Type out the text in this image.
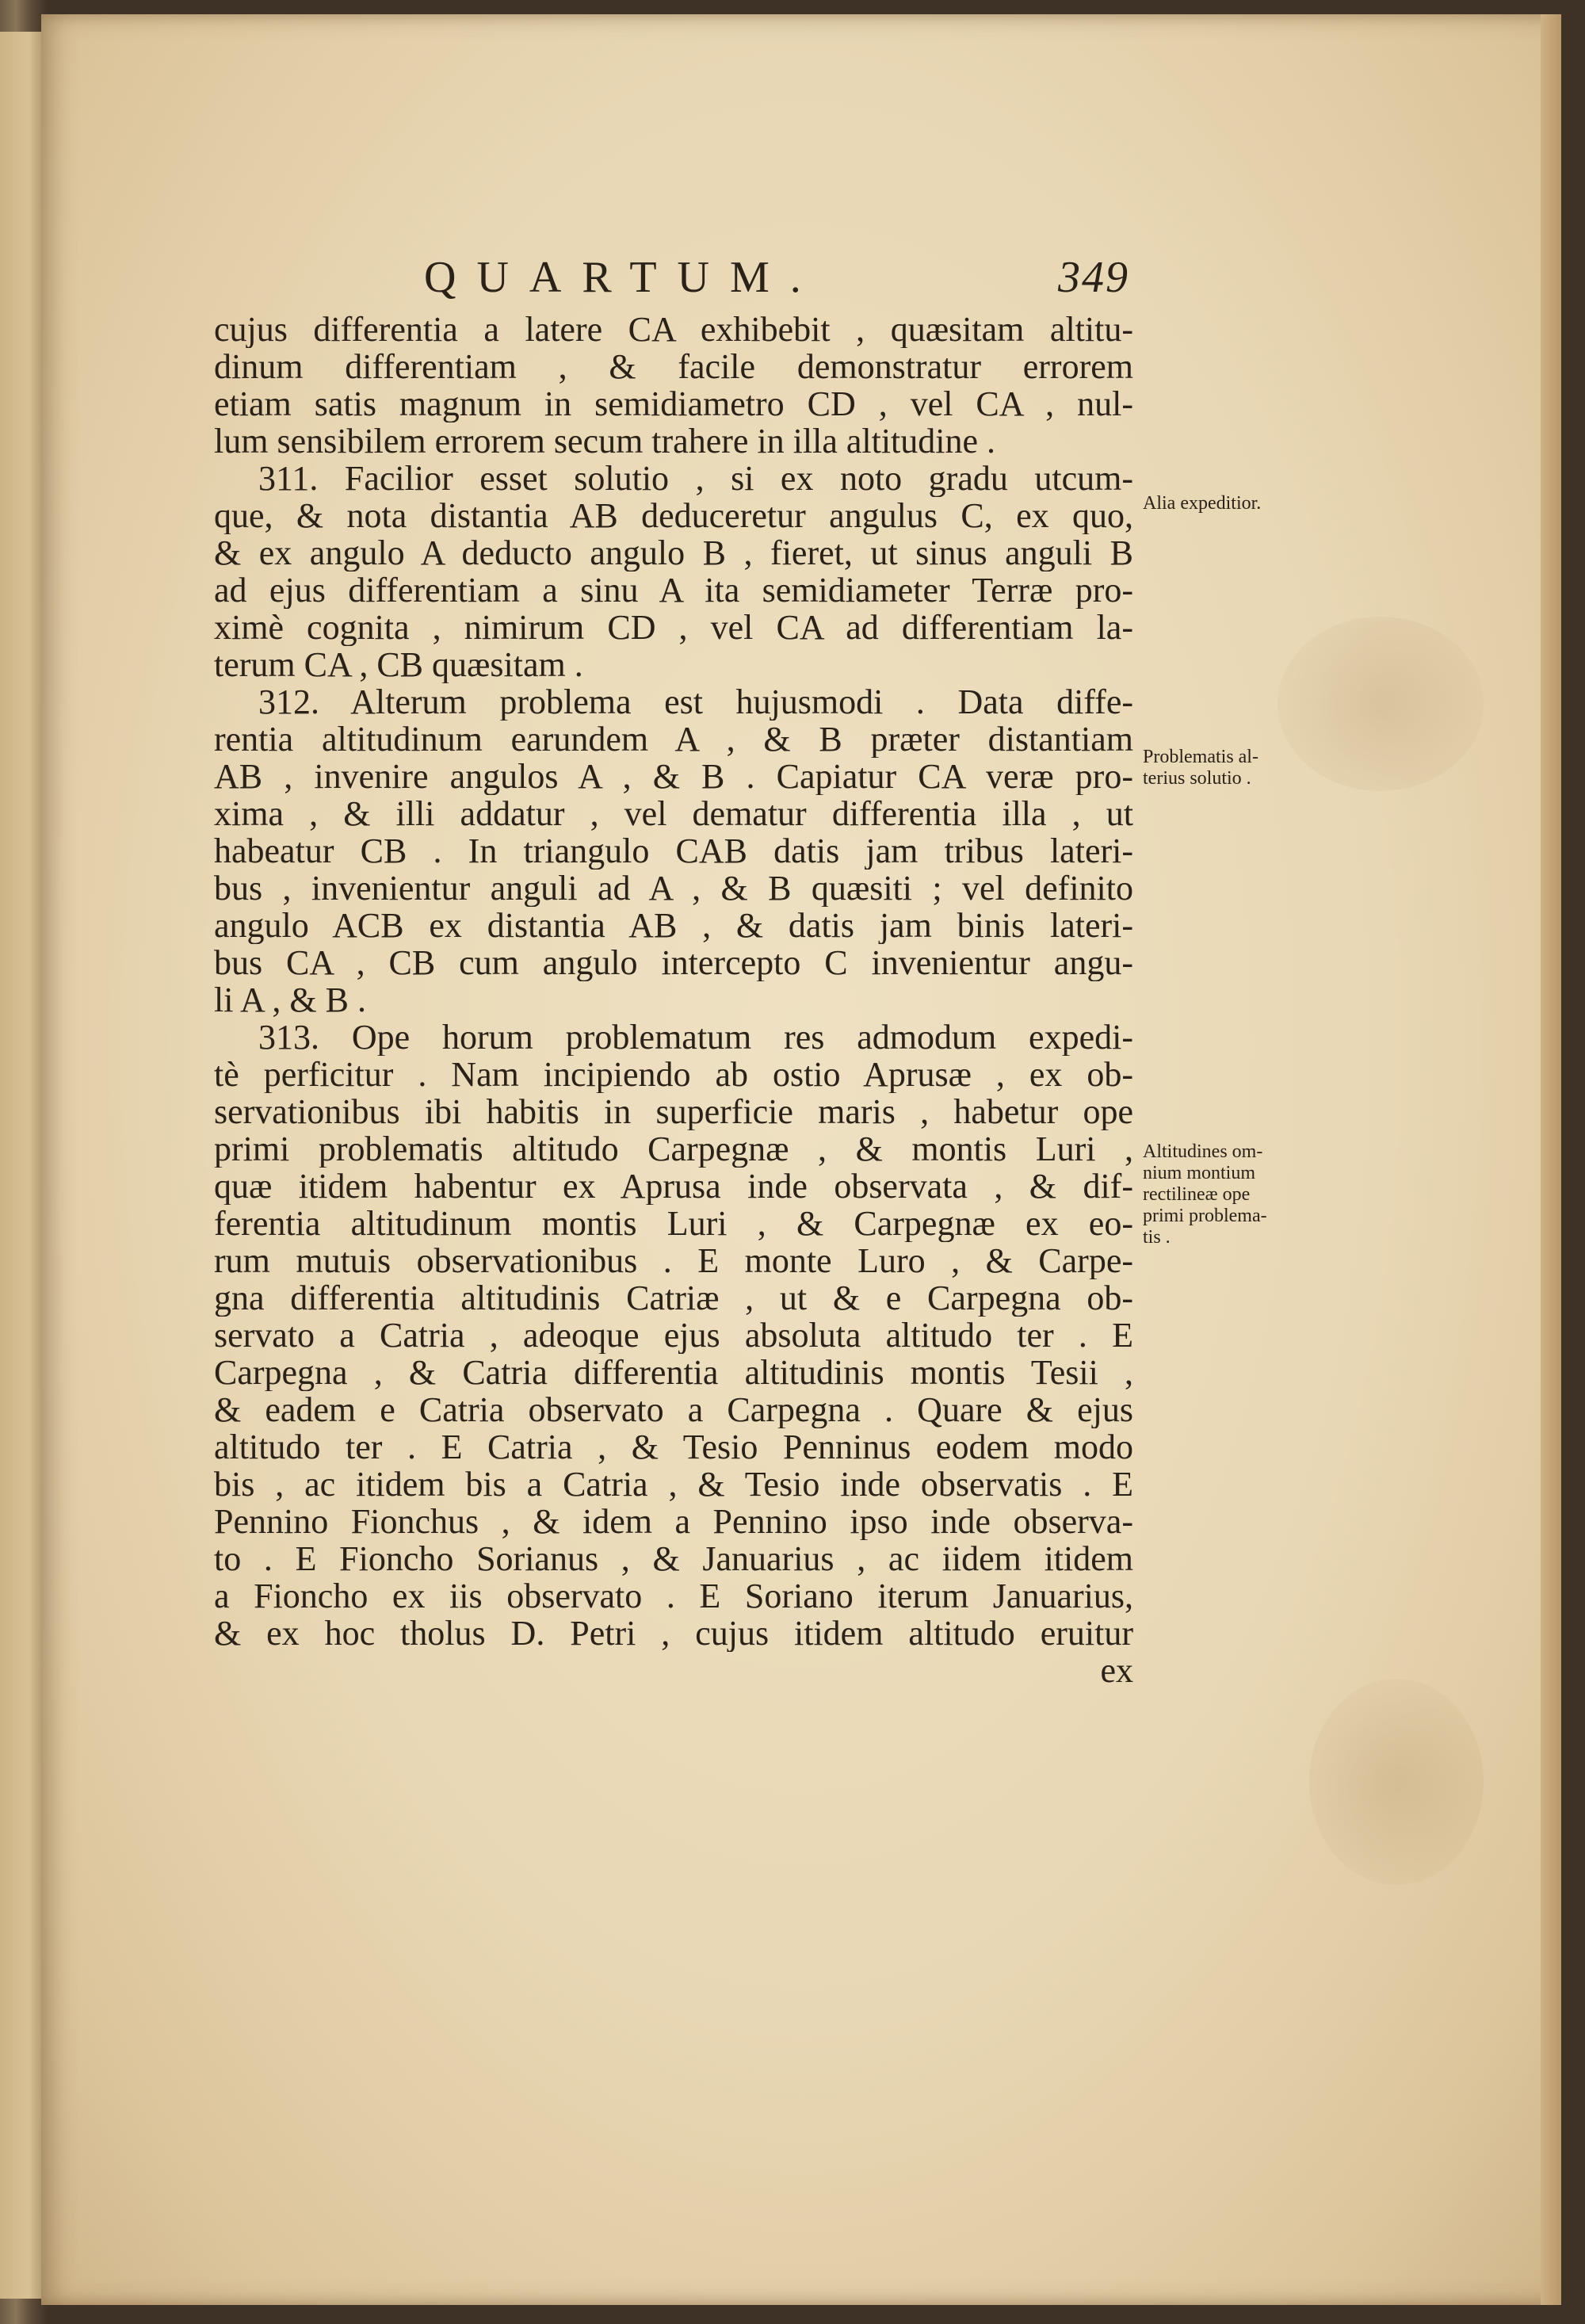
QUARTUM.	349
cujus differentia a latere CA exhibebit , quæsitam altitu-
dinum differentiam , & facile demonstratur errorem
etiam satis magnum in semidiametro CD , vel CA , nul-
lum sensibilem errorem secum trahere in illa altitudine .
311. Facilior esset solutio , si ex noto gradu utcum-
que, & nota distantia AB deduceretur angulus C, ex quo,
& ex angulo A deducto angulo B , fieret, ut sinus anguli B
ad ejus differentiam a sinu A ita semidiameter Terræ pro-
ximè cognita , nimirum CD , vel CA ad differentiam la-
terum CA , CB quæsitam .
312. Alterum problema est hujusmodi . Data diffe-
rentia altitudinum earundem A , & B præter distantiam
AB , invenire angulos A , & B . Capiatur CA veræ pro-
xima , & illi addatur , vel dematur differentia illa , ut
habeatur CB . In triangulo CAB datis jam tribus lateri-
bus , invenientur anguli ad A , & B quæsiti ; vel definito
angulo ACB ex distantia AB , & datis jam binis lateri-
bus CA , CB cum angulo intercepto C invenientur angu-
li A , & B .
313. Ope horum problematum res admodum expedi-
tè perficitur . Nam incipiendo ab ostio Aprusæ , ex ob-
servationibus ibi habitis in superficie maris , habetur ope
primi problematis altitudo Carpegnæ , & montis Luri ,
quæ itidem habentur ex Aprusa inde observata , & dif-
ferentia altitudinum montis Luri , & Carpegnæ ex eo-
rum mutuis observationibus . E monte Luro , & Carpe-
gna differentia altitudinis Catriæ , ut & e Carpegna ob-
servato a Catria , adeoque ejus absoluta altitudo ter . E
Carpegna , & Catria differentia altitudinis montis Tesii ,
& eadem e Catria observato a Carpegna . Quare & ejus
altitudo ter . E Catria , & Tesio Penninus eodem modo
bis , ac itidem bis a Catria , & Tesio inde observatis . E
Pennino Fionchus , & idem a Pennino ipso inde observa-
to . E Fioncho Sorianus , & Januarius , ac iidem itidem
a Fioncho ex iis observato . E Soriano iterum Januarius,
& ex hoc tholus D. Petri , cujus itidem altitudo eruitur
ex
Alia expeditior.
Problematis al-
terius solutio .
Altitudines om-
nium montium
rectilineæ ope
primi problema-
tis .
